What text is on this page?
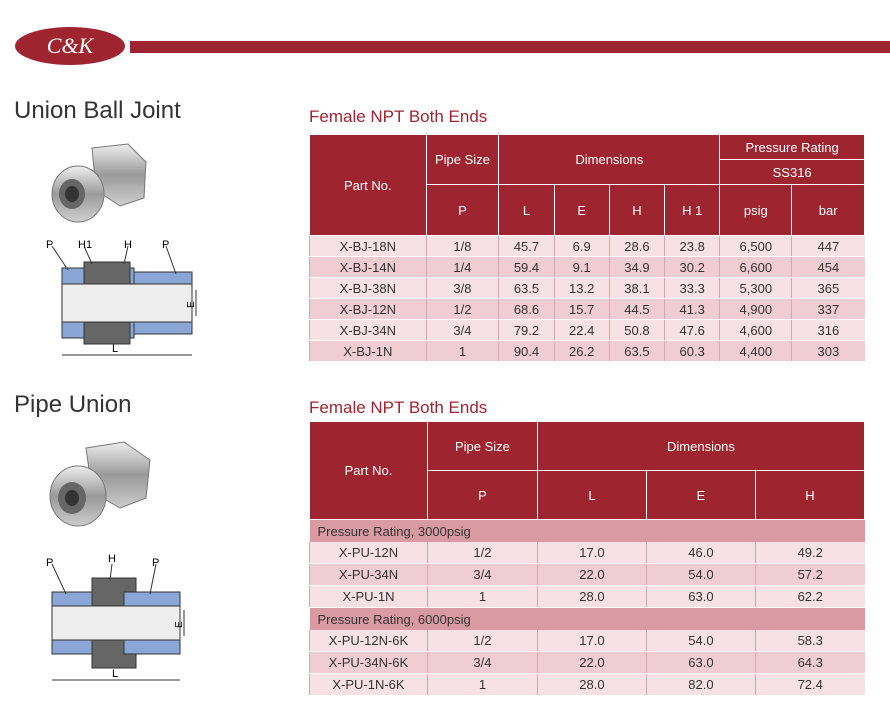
C&K
Union Ball Joint	Female NPT Both Ends
P H1	H	P
E
L
Part No.	Pipe Size	Dimensions				Pressure Rating	
						SS316	
	P	L	E	H	H 1	psig	bar
X-BJ-18N	1/8	45.7	6.9	28.6	23.8	6,500	447
X-BJ-14N	1/4	59.4	9.1	34.9	30.2	6,600	454
X-BJ-38N	3/8	63.5	13.2	38.1	33.3	5,300	365
X-BJ-12N	1/2	68.6	15.7	44.5	41.3	4,900	337
X-BJ-34N	3/4	79.2	22.4	50.8	47.6	4,600	316
X-BJ-1N	1	90.4	26.2	63.5	60.3	4,400	303
Pipe Union	Female NPT Both Ends
P	H	P
E
L
Part No.	Pipe Size	Dimensions		
	P	L	E	H
Pressure Rating, 3000psig				
X-PU-12N	1/2	17.0	46.0	49.2
X-PU-34N	3/4	22.0	54.0	57.2
X-PU-1N	1	28.0	63.0	62.2
Pressure Rating, 6000psig				
X-PU-12N-6K	1/2	17.0	54.0	58.3
X-PU-34N-6K	3/4	22.0	63.0	64.3
X-PU-1N-6K	1	28.0	82.0	72.4
